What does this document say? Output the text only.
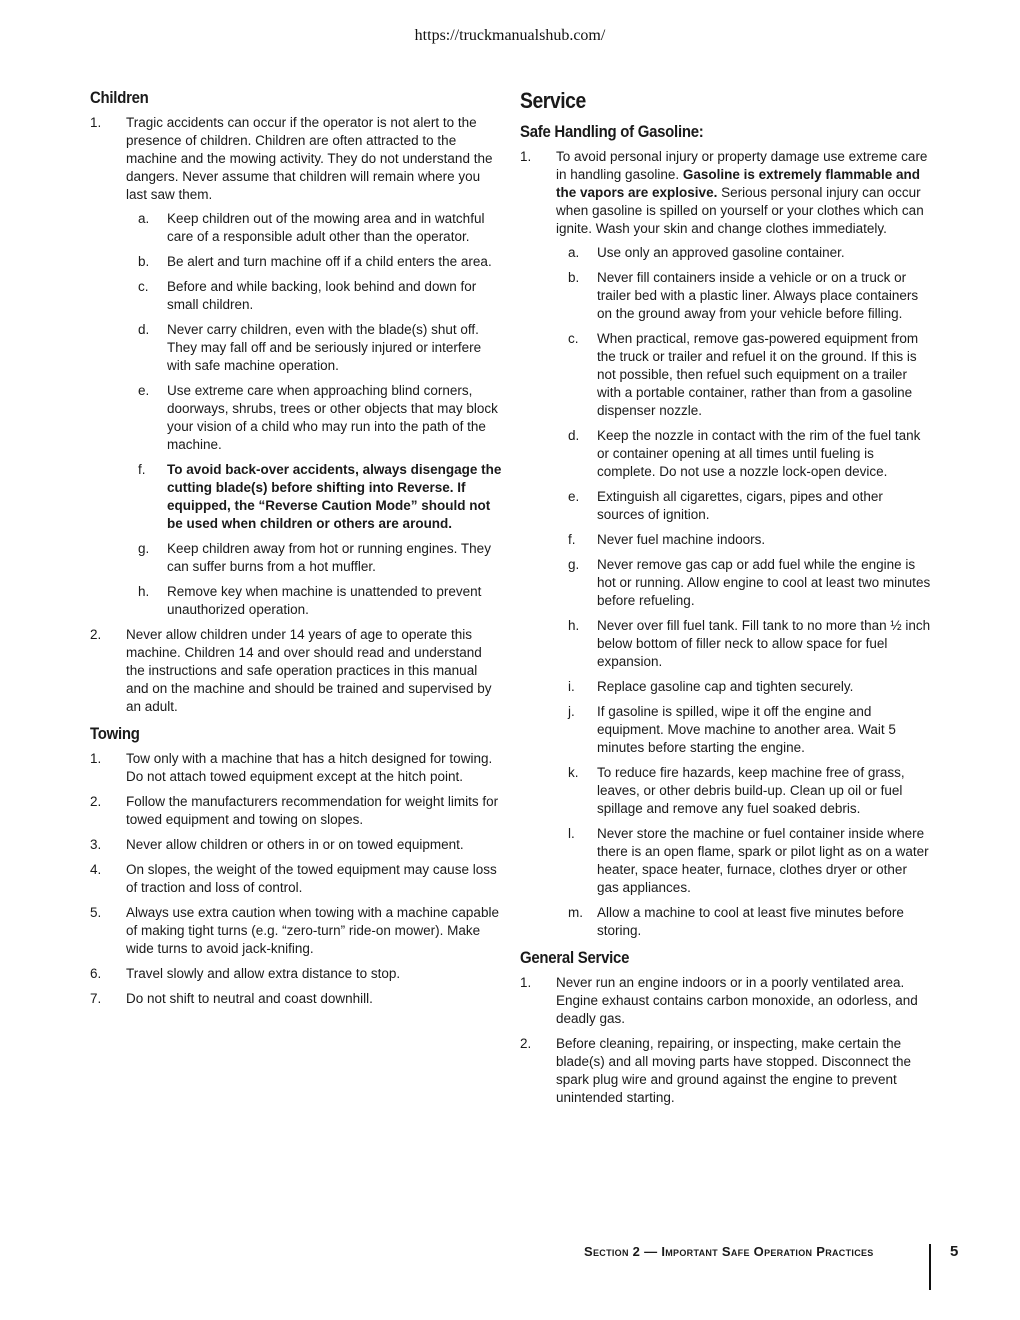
https://truckmanualshub.com/
Children
1.	Tragic accidents can occur if the operator is not alert to the presence of children. Children are often attracted to the machine and the mowing activity. They do not understand the dangers. Never assume that children will remain where you last saw them.
a.	Keep children out of the mowing area and in watchful care of a responsible adult other than the operator.
b.	Be alert and turn machine off if a child enters the area.
c.	Before and while backing, look behind and down for small children.
d.	Never carry children, even with the blade(s) shut off. They may fall off and be seriously injured or interfere with safe machine operation.
e.	Use extreme care when approaching blind corners, doorways, shrubs, trees or other objects that may block your vision of a child who may run into the path of the machine.
f.	To avoid back-over accidents, always disengage the cutting blade(s) before shifting into Reverse. If equipped, the “Reverse Caution Mode” should not be used when children or others are around.
g.	Keep children away from hot or running engines. They can suffer burns from a hot muffler.
h.	Remove key when machine is unattended to prevent unauthorized operation.
2.	Never allow children under 14 years of age to operate this machine. Children 14 and over should read and understand the instructions and safe operation practices in this manual and on the machine and should be trained and supervised by an adult.
Towing
1.	Tow only with a machine that has a hitch designed for towing. Do not attach towed equipment except at the hitch point.
2.	Follow the manufacturers recommendation for weight limits for towed equipment and towing on slopes.
3.	Never allow children or others in or on towed equipment.
4.	On slopes, the weight of the towed equipment may cause loss of traction and loss of control.
5.	Always use extra caution when towing with a machine capable of making tight turns (e.g. “zero-turn” ride-on mower). Make wide turns to avoid jack-knifing.
6.	Travel slowly and allow extra distance to stop.
7.	Do not shift to neutral and coast downhill.
Service
Safe Handling of Gasoline:
1.	To avoid personal injury or property damage use extreme care in handling gasoline. Gasoline is extremely flammable and the vapors are explosive. Serious personal injury can occur when gasoline is spilled on yourself or your clothes which can ignite. Wash your skin and change clothes immediately.
a.	Use only an approved gasoline container.
b.	Never fill containers inside a vehicle or on a truck or trailer bed with a plastic liner. Always place containers on the ground away from your vehicle before filling.
c.	When practical, remove gas-powered equipment from the truck or trailer and refuel it on the ground. If this is not possible, then refuel such equipment on a trailer with a portable container, rather than from a gasoline dispenser nozzle.
d.	Keep the nozzle in contact with the rim of the fuel tank or container opening at all times until fueling is complete. Do not use a nozzle lock-open device.
e.	Extinguish all cigarettes, cigars, pipes and other sources of ignition.
f.	Never fuel machine indoors.
g.	Never remove gas cap or add fuel while the engine is hot or running. Allow engine to cool at least two minutes before refueling.
h.	Never over fill fuel tank. Fill tank to no more than ½ inch below bottom of filler neck to allow space for fuel expansion.
i.	Replace gasoline cap and tighten securely.
j.	If gasoline is spilled, wipe it off the engine and equipment. Move machine to another area. Wait 5 minutes before starting the engine.
k.	To reduce fire hazards, keep machine free of grass, leaves, or other debris build-up. Clean up oil or fuel spillage and remove any fuel soaked debris.
l.	Never store the machine or fuel container inside where there is an open flame, spark or pilot light as on a water heater, space heater, furnace, clothes dryer or other gas appliances.
m.	Allow a machine to cool at least five minutes before storing.
General Service
1.	Never run an engine indoors or in a poorly ventilated area. Engine exhaust contains carbon monoxide, an odorless, and deadly gas.
2.	Before cleaning, repairing, or inspecting, make certain the blade(s) and all moving parts have stopped. Disconnect the spark plug wire and ground against the engine to prevent unintended starting.
Section 2 — Important Safe Operation Practices	5
